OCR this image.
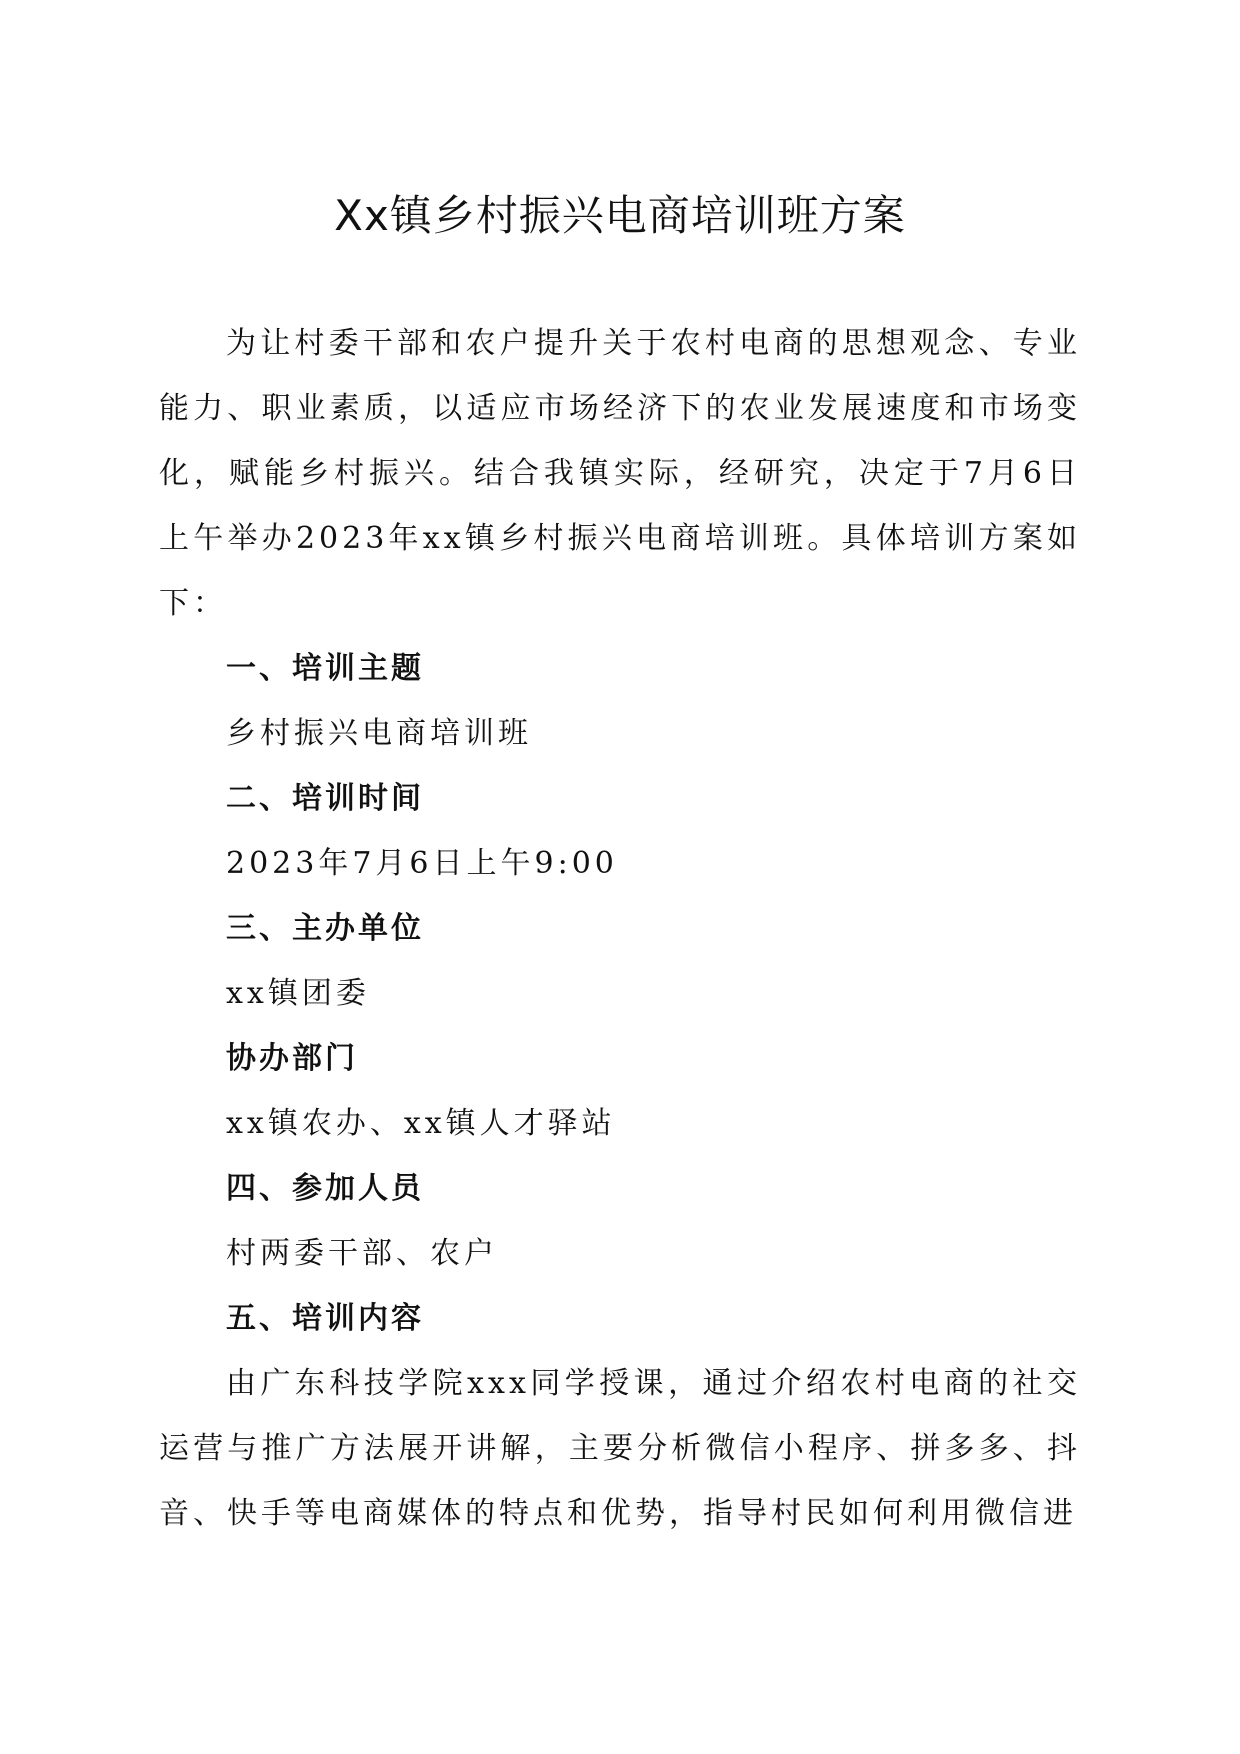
Xx镇乡村振兴电商培训班方案

为让村委干部和农户提升关于农村电商的思想观念、专业能力、职业素质，以适应市场经济下的农业发展速度和市场变化，赋能乡村振兴。结合我镇实际，经研究，决定于7月6日上午举办2023年xx镇乡村振兴电商培训班。具体培训方案如下：

一、培训主题

乡村振兴电商培训班

二、培训时间

2023年7月6日上午9:00

三、主办单位

xx镇团委

协办部门

xx镇农办、xx镇人才驿站

四、参加人员

村两委干部、农户

五、培训内容

由广东科技学院xxx同学授课，通过介绍农村电商的社交运营与推广方法展开讲解，主要分析微信小程序、拼多多、抖音、快手等电商媒体的特点和优势，指导村民如何利用微信进
